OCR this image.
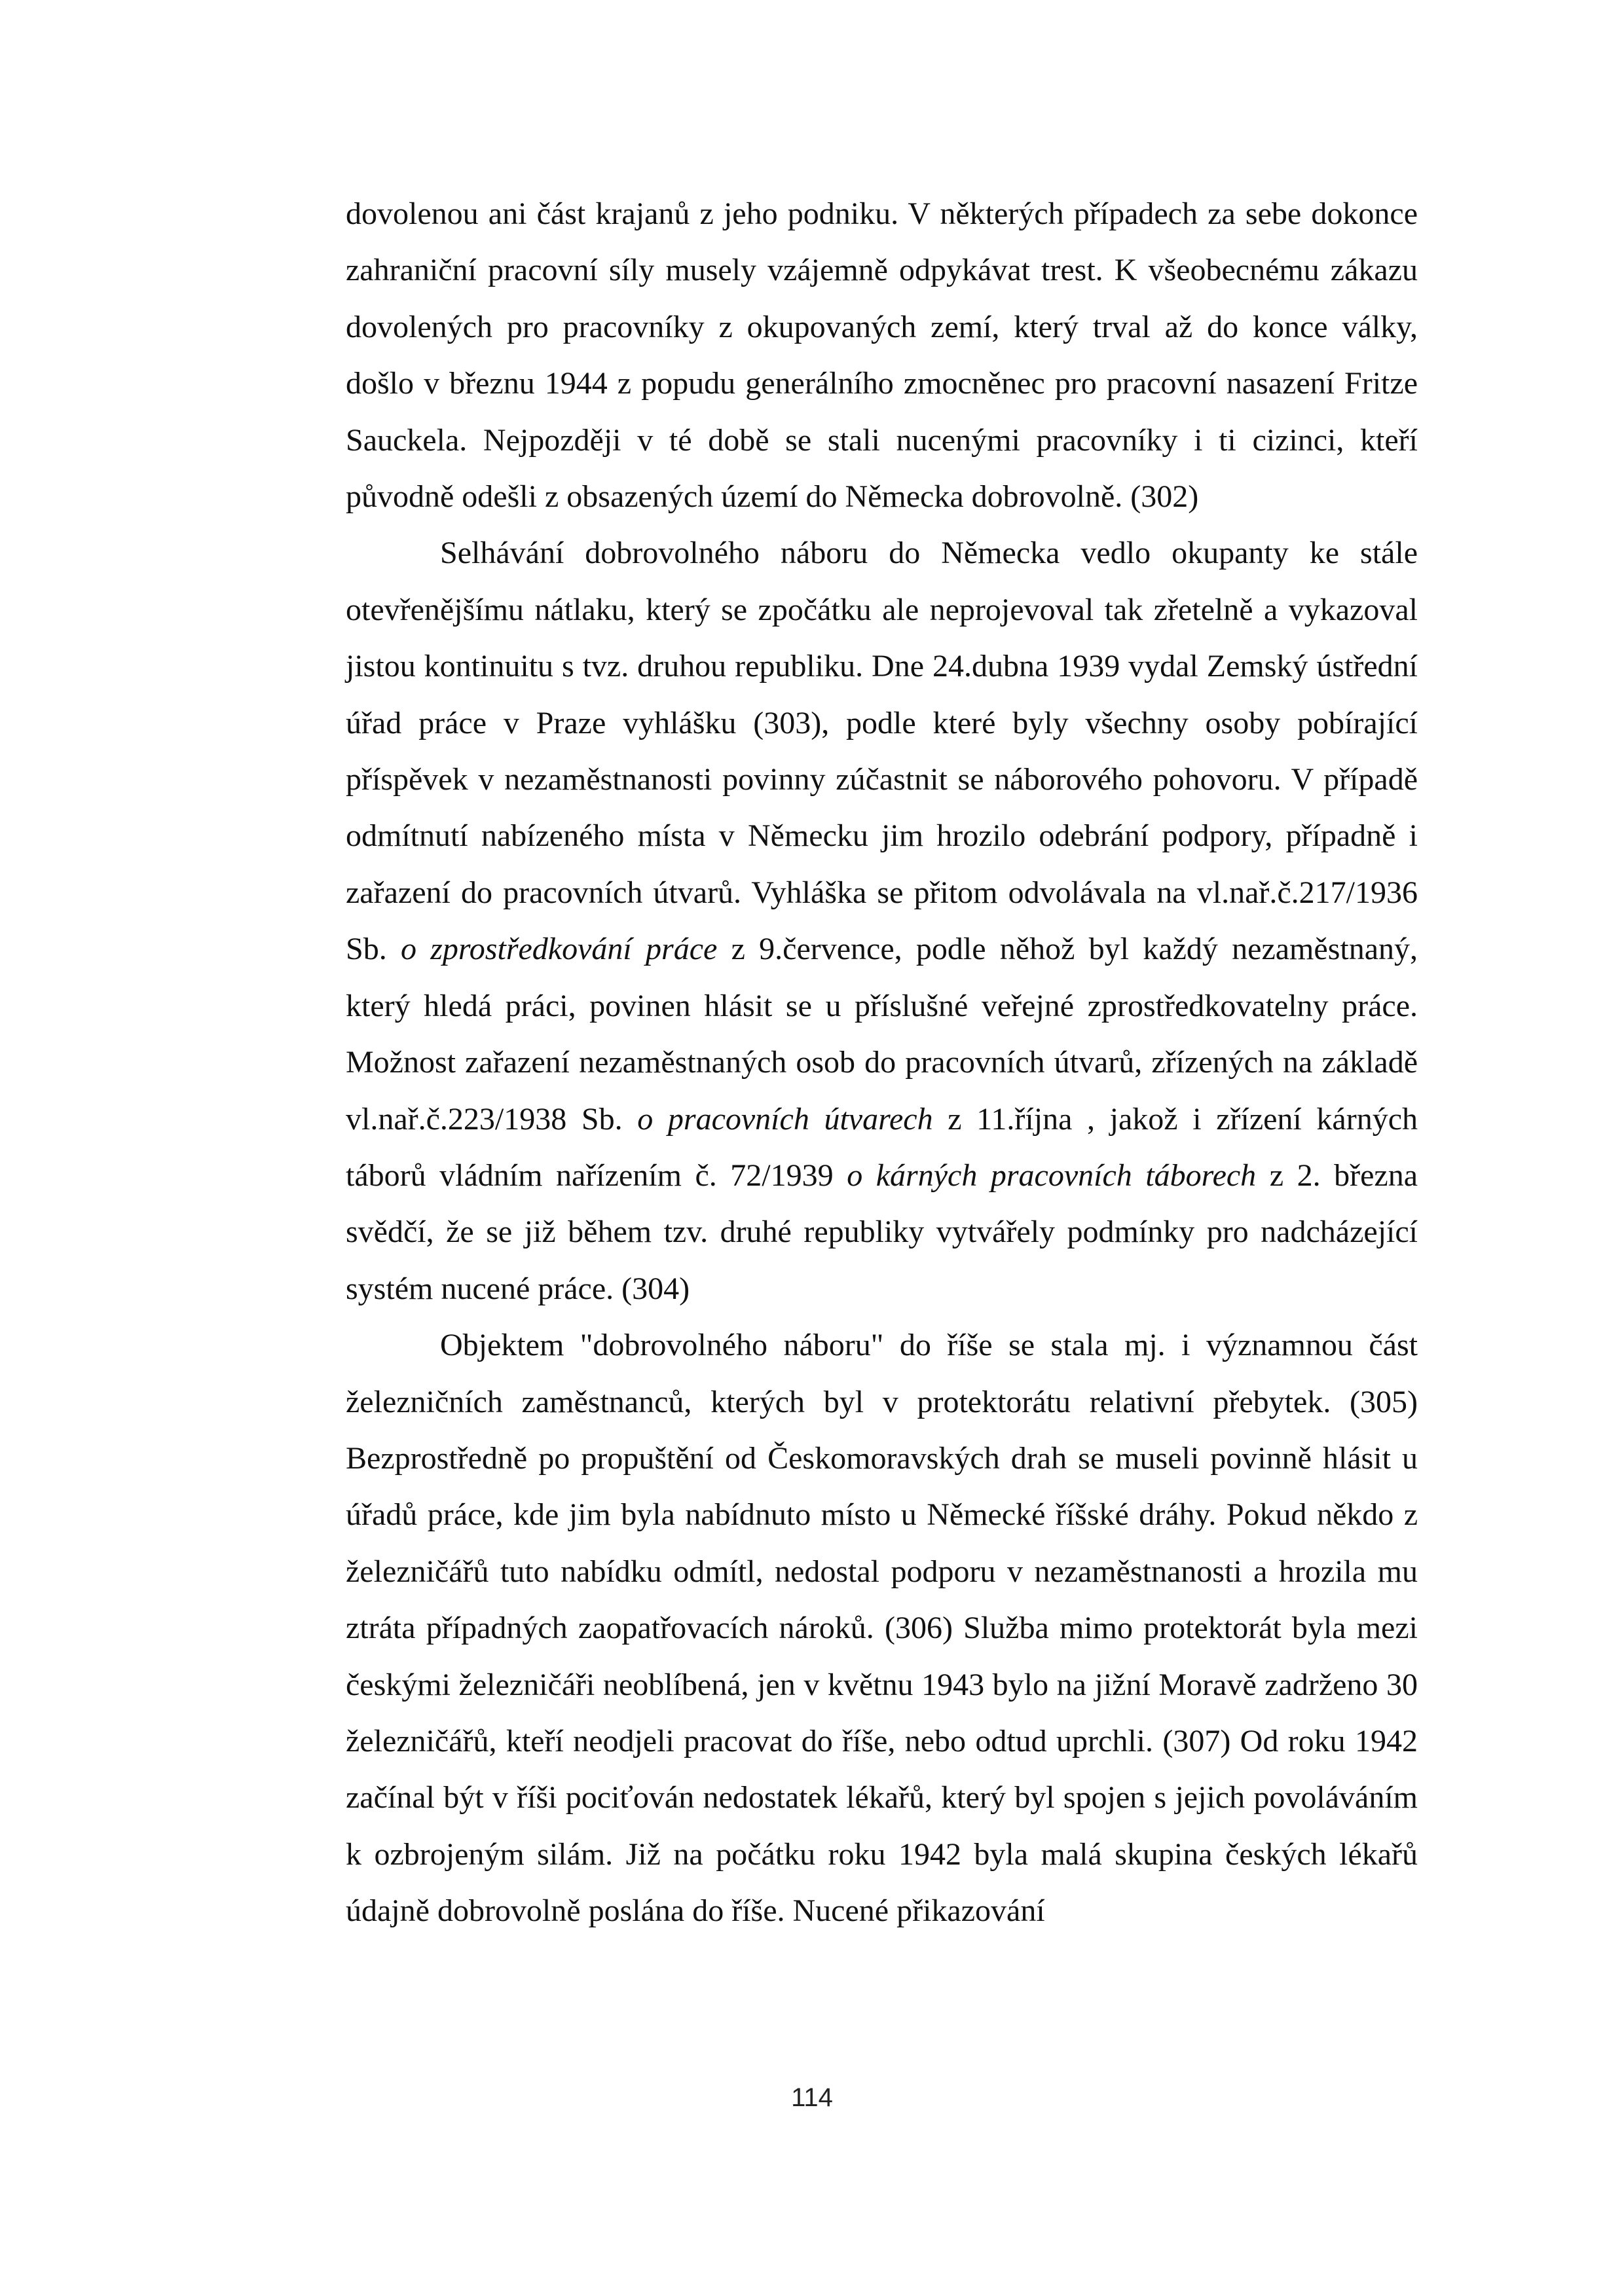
dovolenou ani část krajanů z jeho podniku. V některých případech za sebe dokonce zahraniční pracovní síly musely vzájemně odpykávat trest. K všeobecnému zákazu dovolených pro pracovníky z okupovaných zemí, který trval až do konce války, došlo v březnu 1944 z popudu generálního zmocněnec pro pracovní nasazení Fritze Sauckela. Nejpozději v té době se stali nucenými pracovníky i ti cizinci, kteří původně odešli z obsazených území do Německa dobrovolně. (302)

Selhávání dobrovolného náboru do Německa vedlo okupanty ke stále otevřenějšímu nátlaku, který se zpočátku ale neprojevoval tak zřetelně a vykazoval jistou kontinuitu s tvz. druhou republiku. Dne 24.dubna 1939 vydal Zemský ústřední úřad práce v Praze vyhlášku (303), podle které byly všechny osoby pobírající příspěvek v nezaměstnanosti povinny zúčastnit se náborového pohovoru. V případě odmítnutí nabízeného místa v Německu jim hrozilo odebrání podpory, případně i zařazení do pracovních útvarů. Vyhláška se přitom odvolávala na vl.nař.č.217/1936 Sb. o zprostředkování práce z 9.července, podle něhož byl každý nezaměstnaný, který hledá práci, povinen hlásit se u příslušné veřejné zprostředkovatelny práce. Možnost zařazení nezaměstnaných osob do pracovních útvarů, zřízených na základě vl.nař.č.223/1938 Sb. o pracovních útvarech z 11.října , jakož i zřízení kárných táborů vládním nařízením č. 72/1939 o kárných pracovních táborech z 2. března svědčí, že se již během tzv. druhé republiky vytvářely podmínky pro nadcházející systém nucené práce. (304)

Objektem "dobrovolného náboru" do říše se stala mj. i významnou část železničních zaměstnanců, kterých byl v protektorátu relativní přebytek. (305) Bezprostředně po propuštění od Českomoravských drah se museli povinně hlásit u úřadů práce, kde jim byla nabídnuto místo u Německé říšské dráhy. Pokud někdo z železničářů tuto nabídku odmítl, nedostal podporu v nezaměstnanosti a hrozila mu ztráta případných zaopatřovacích nároků. (306) Služba mimo protektorát byla mezi českými železničáři neoblíbená, jen v květnu 1943 bylo na jižní Moravě zadrženo 30 železničářů, kteří neodjeli pracovat do říše, nebo odtud uprchli. (307) Od roku 1942 začínal být v říši pociťován nedostatek lékařů, který byl spojen s jejich povoláváním k ozbrojeným silám. Již na počátku roku 1942 byla malá skupina českých lékařů údajně dobrovolně poslána do říše. Nucené přikazování

114
